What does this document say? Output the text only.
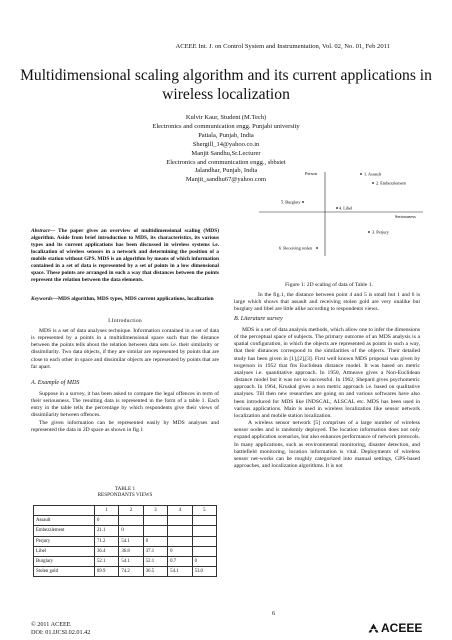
ACEEE Int. J. on Control System and Instrumentation, Vol. 02, No. 01, Feb 2011
Multidimensional scaling algorithm and its current applications in wireless localization
Kulvir Kaur, Student (M.Tech)
Electronics and communication engg. Punjabi university
Patiala, Punjab, India
Shergill_14@yahoo.co.in
Manjit Sandhu,Sr.Lecturer
Electronics and communication engg., sbbsiet
Jalandhar, Punjab, India
Manjit_sandhu67@yahoo.com
Abstract— The paper gives an overview of multidimensional scaling (MDS) algorithm. Aside from brief introduction to MDS, its characteristics, its various types and its current applications has been discussed in wireless systems i.e. localization of wireless sensors in a network and determining the position of a mobile station without GPS. MDS is an algorithm by means of which information contained in a set of data is represented by a set of points in a low dimensional space. These points are arranged in such a way that distances between the points represent the relation between the data elements.
Keywords—MDS algorithm, MDS types, MDS current applications, localization
I.Introduction

MDS is a set of data analyses technique. Information contained in a set of data is represented by a points in a multidimensional space such that the distance between the points tells about the relation between data sets i.e. their similarity or dissimilarity. Two data objects, if they are similar are represented by points that are close to each other in space and dissimilar objects are represented by points that are far apart.

A. Example of MDS

Suppose in a survey, it has been asked to compare the legal offences in term of their seriousness. The resulting data is represented in the form of a table 1. Each entry in the table tells the percentage by which respondents give their views of dissimilarity between offences.

The given information can be represented easily by MDS analyses and represented the data in 2D space as shown in fig.1

TABLE 1
RESPONDANTS VIEWS
	1	2	3	4	5
Assault	0				
Embezzlement	21.1	0			
Perjury	71.2	54.1	0		
Libel	36.4	36.8	37.1	0	
Burglary	52.1	54.1	52.1	0.7	0
Stolen gold	89.9	74.2	36.5	54.1	53.0
Person
Seriousness
1. Assault
2. Embezzlement
3. Perjury
4. Libel
5. Burglary
6. Receiving stolen
Figure 1: 2D scaling of data of Table 1.

In the fig.1, the distance between point 4 and 5 is small but 1 and 6 is large which shows that assault and receiving stolen gold are very unalike but burglary and libel are little alike according to respondents views.

B. Literature survey

MDS is a set of data analysis methods, which allow one to infer the dimensions of the perceptual space of subjects. The primary outcome of an MDS analysis is a spatial configuration, in which the objects are represented as points in such a way, that their distances correspond to the similarities of the objects. Their detailed study has been given in [1],[2],[3]. First well known MDS proposal was given by torgerson in 1952 that fits Euclidean distance model. It was based on metric analyses i.e. quantitative approach. In 1950, Attneave gives a Non-Euclidean distance model but it was not so successful. In 1962, Shepard gives psychometric approach. In 1964, Kruskal gives a non metric approach i.e. based on qualitative analyses. Till then new researches are going on and various softwares have also been introduced for MDS like INDSCAL, ALSCAL etc. MDS has been used in various applications. Main is used in wireless localization like sensor network localization and mobile station localization.

A wireless sensor network [5] comprises of a large number of wireless sensor nodes and is randomly deployed. The location information does not only expand application scenarios, but also enhances performance of network protocols. In many applications, such as environmental monitoring, disaster detection, and battlefield monitoring, location information is vital. Deployments of wireless sensor net-works can be roughly categorized into manual settings, GPS-based approaches, and localization algorithms. It is not

© 2011 ACEEE
DOI: 01.IJCSI.02.01.42
6
ACEEE
